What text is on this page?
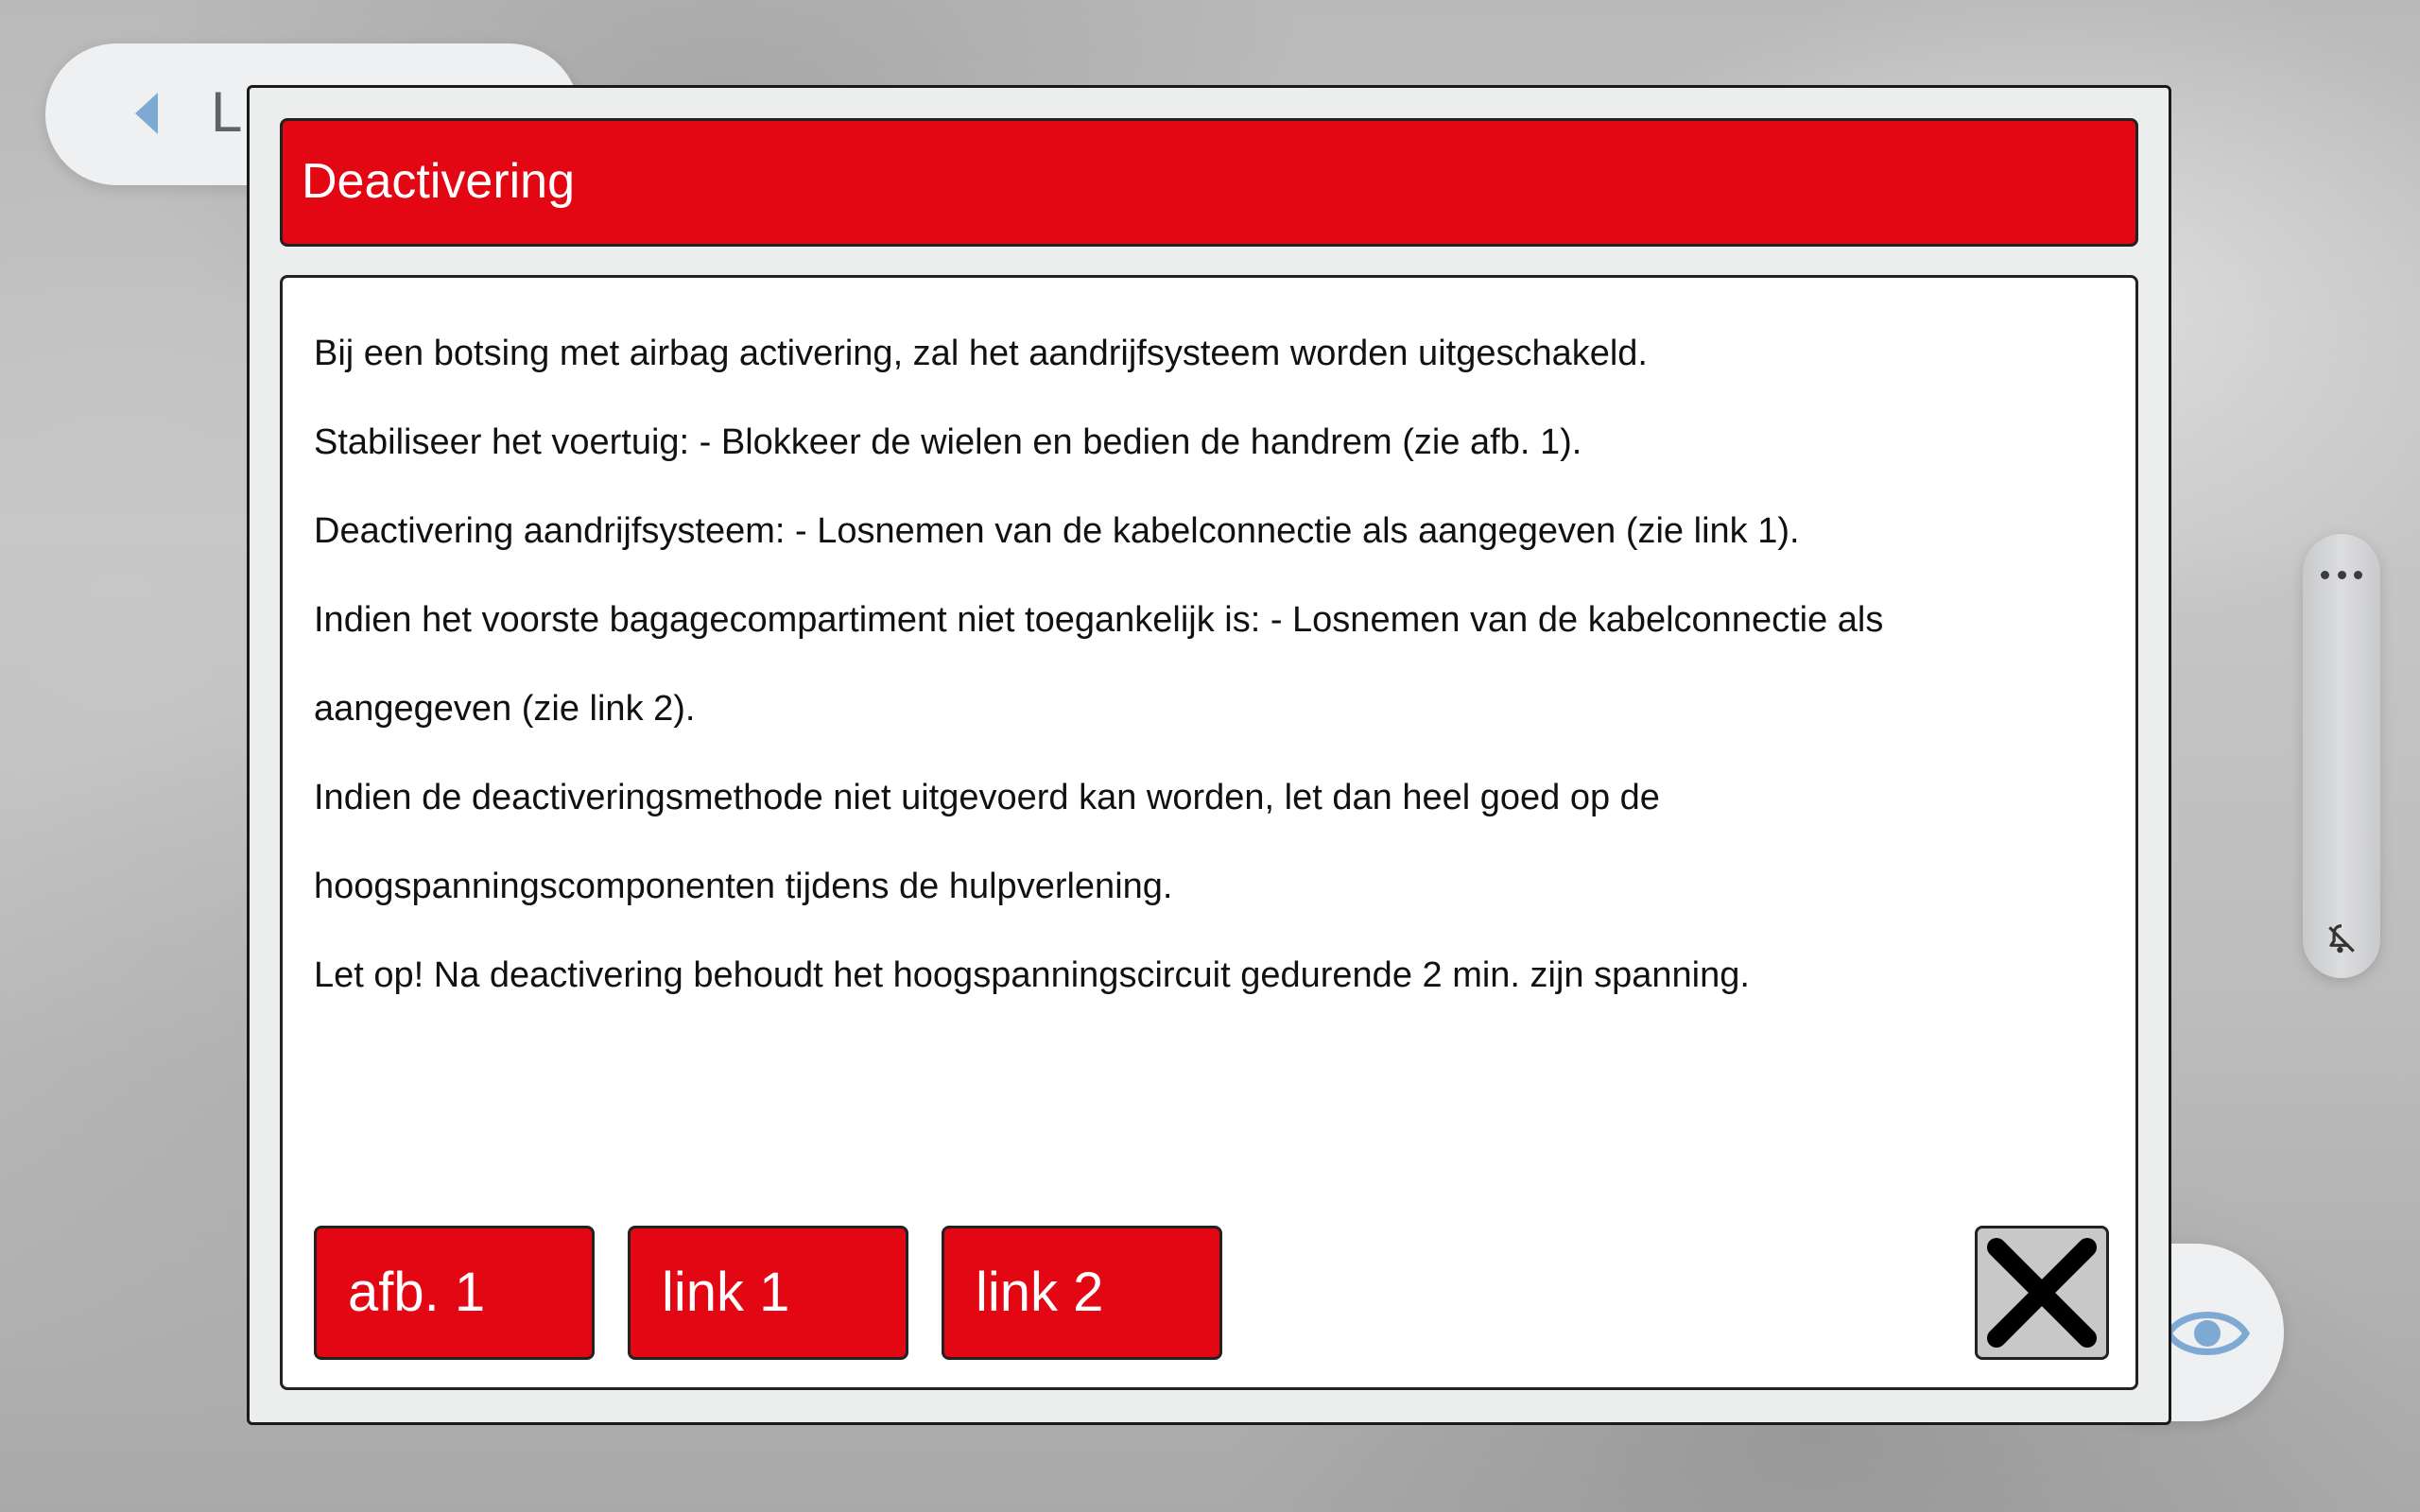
L
Deactivering

Bij een botsing met airbag activering, zal het aandrijfsysteem worden uitgeschakeld.

Stabiliseer het voertuig: - Blokkeer de wielen en bedien de handrem (zie afb. 1).

Deactivering aandrijfsysteem: - Losnemen van de kabelconnectie als aangegeven (zie link 1).

Indien het voorste bagagecompartiment niet toegankelijk is: - Losnemen van de kabelconnectie als aangegeven (zie link 2).

Indien de deactiveringsmethode niet uitgevoerd kan worden, let dan heel goed op de hoogspanningscomponenten tijdens de hulpverlening.

Let op! Na deactivering behoudt het hoogspanningscircuit gedurende 2 min. zijn spanning.

afb. 1	link 1	link 2
